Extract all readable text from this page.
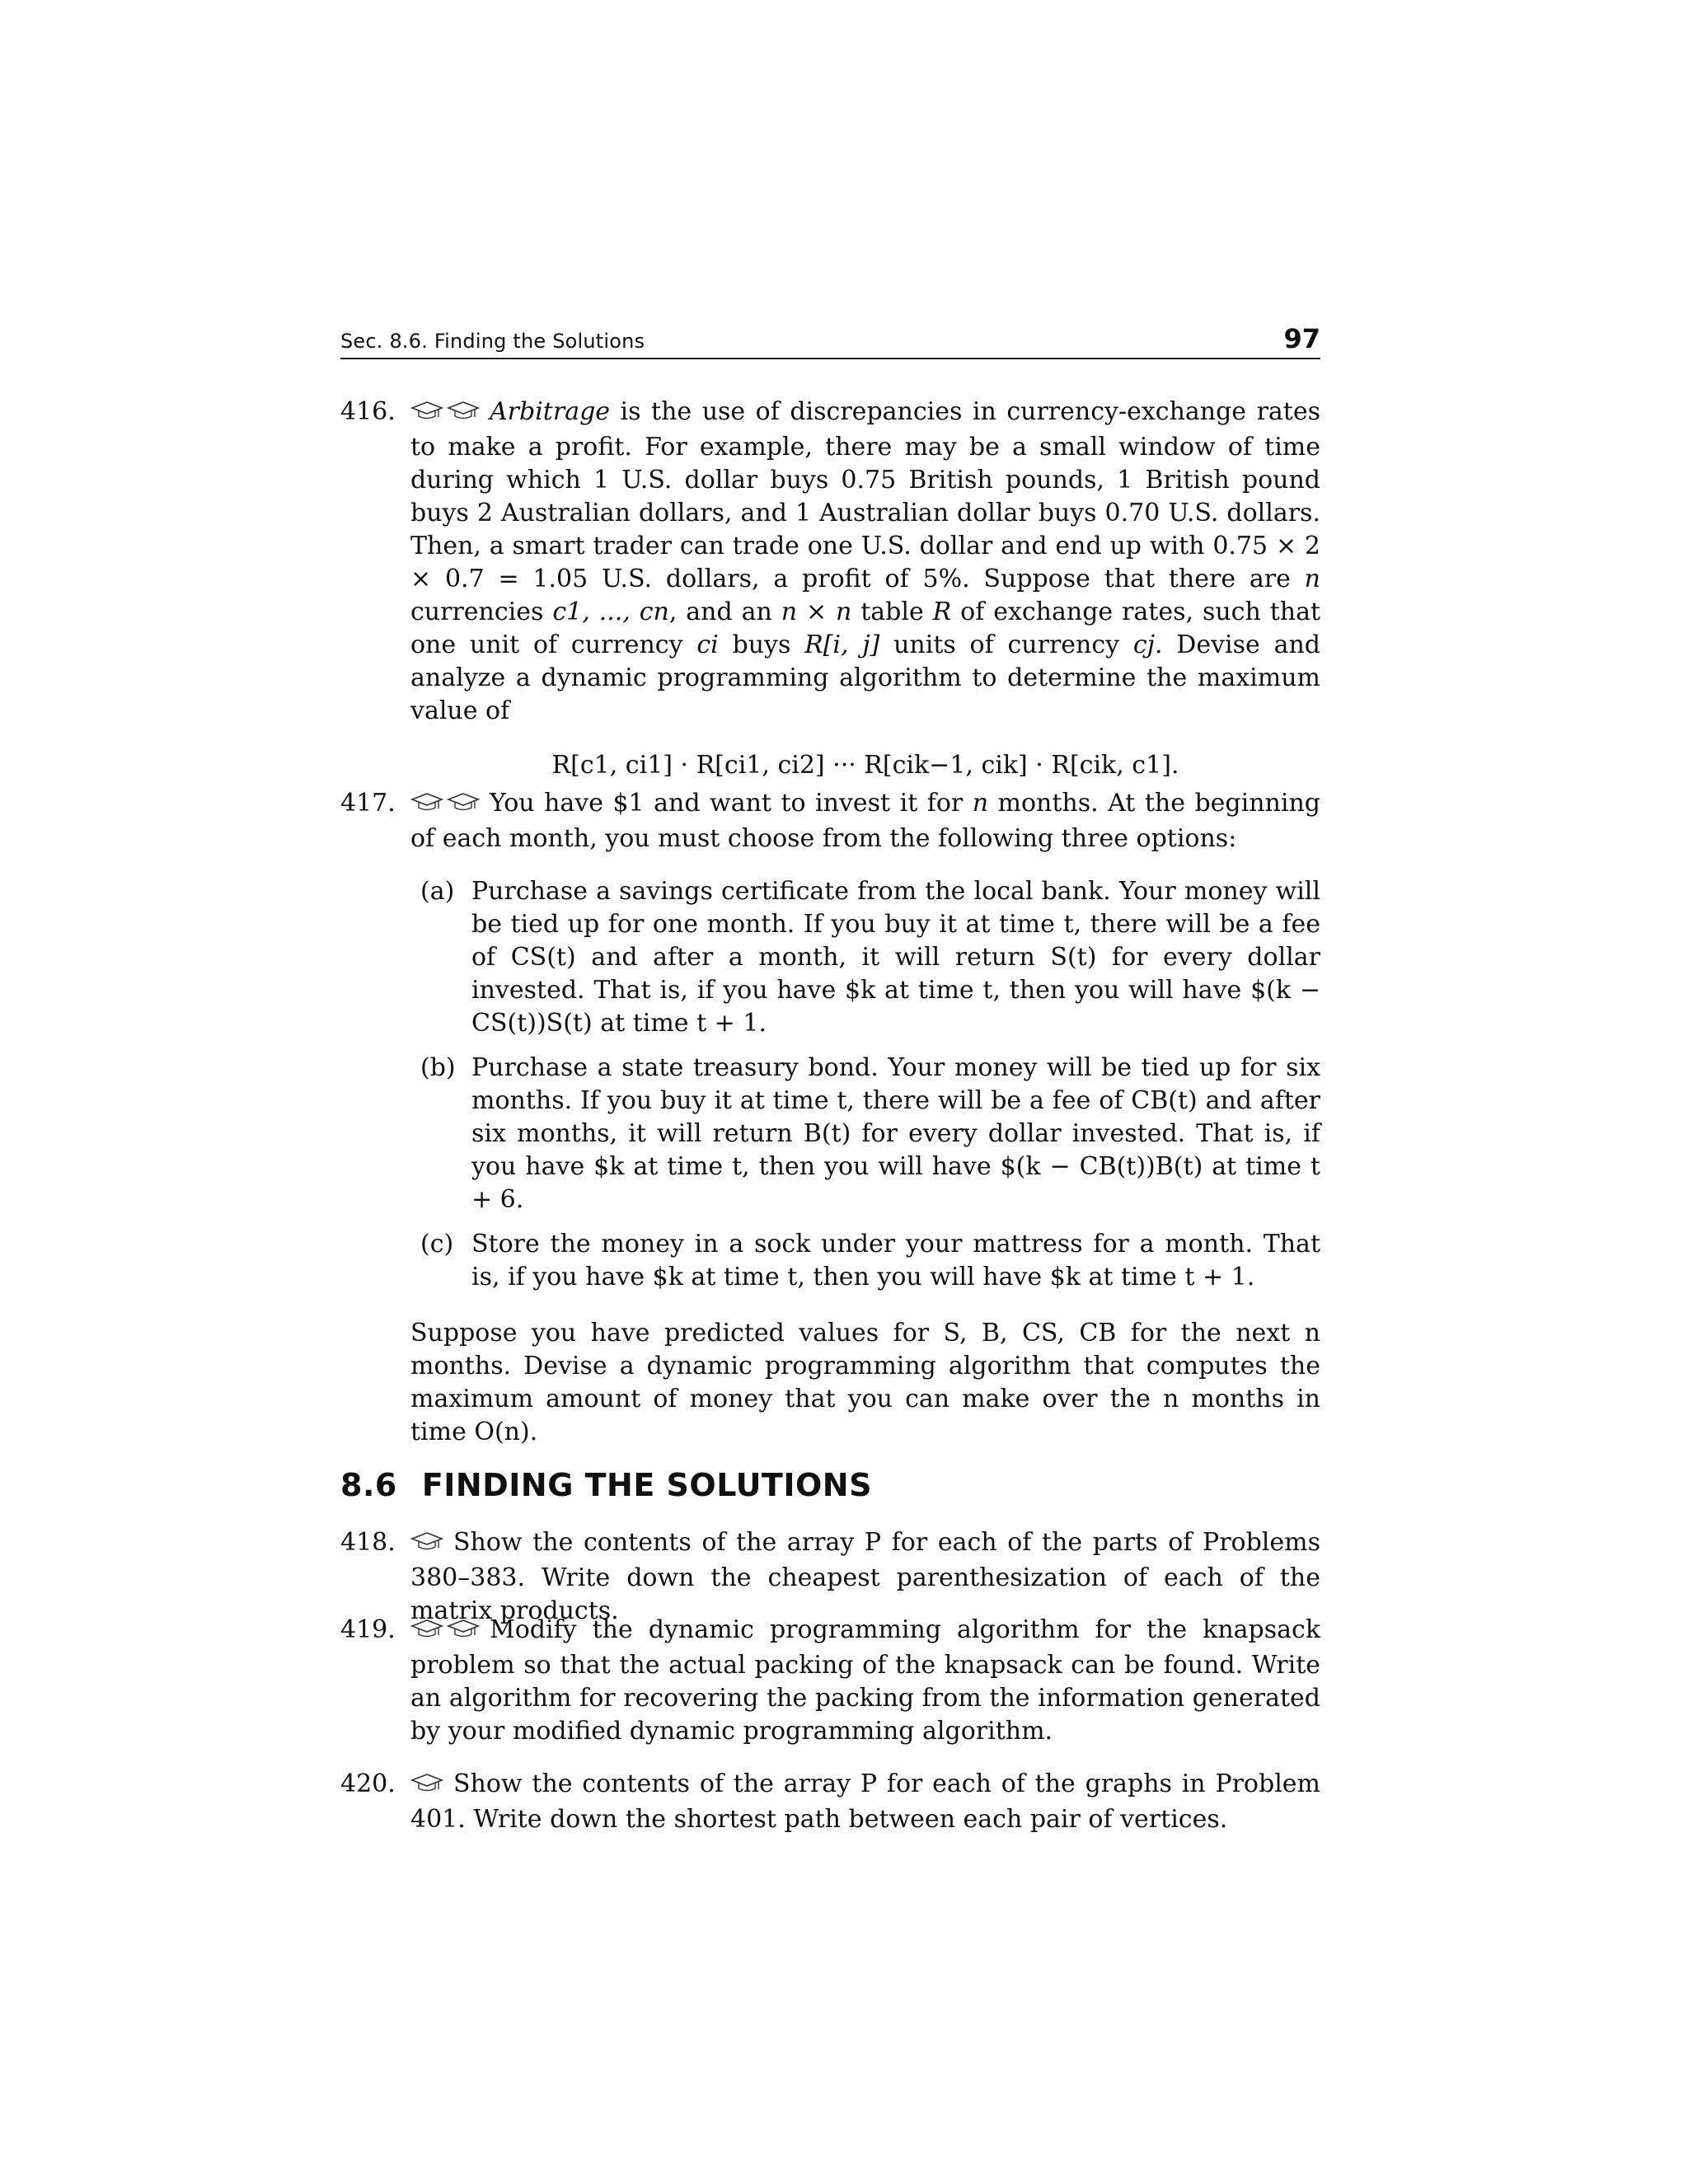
Sec. 8.6. Finding the Solutions	97
416.	Arbitrage is the use of discrepancies in currency-exchange rates to make a profit. For example, there may be a small window of time during which 1 U.S. dollar buys 0.75 British pounds, 1 British pound buys 2 Australian dollars, and 1 Australian dollar buys 0.70 U.S. dollars. Then, a smart trader can trade one U.S. dollar and end up with 0.75 × 2 × 0.7 = 1.05 U.S. dollars, a profit of 5%. Suppose that there are n currencies c1, ..., cn, and an n × n table R of exchange rates, such that one unit of currency ci buys R[i, j] units of currency cj. Devise and analyze a dynamic programming algorithm to determine the maximum value of
R[c1, ci1] · R[ci1, ci2] ··· R[cik−1, cik] · R[cik, c1].
417.	You have $1 and want to invest it for n months. At the beginning of each month, you must choose from the following three options:
(a) Purchase a savings certificate from the local bank. Your money will be tied up for one month. If you buy it at time t, there will be a fee of CS(t) and after a month, it will return S(t) for every dollar invested. That is, if you have $k at time t, then you will have $(k − CS(t))S(t) at time t + 1.
(b) Purchase a state treasury bond. Your money will be tied up for six months. If you buy it at time t, there will be a fee of CB(t) and after six months, it will return B(t) for every dollar invested. That is, if you have $k at time t, then you will have $(k − CB(t))B(t) at time t + 6.
(c) Store the money in a sock under your mattress for a month. That is, if you have $k at time t, then you will have $k at time t + 1.
Suppose you have predicted values for S, B, CS, CB for the next n months. Devise a dynamic programming algorithm that computes the maximum amount of money that you can make over the n months in time O(n).
8.6 FINDING THE SOLUTIONS
418.	Show the contents of the array P for each of the parts of Problems 380–383. Write down the cheapest parenthesization of each of the matrix products.
419.	Modify the dynamic programming algorithm for the knapsack problem so that the actual packing of the knapsack can be found. Write an algorithm for recovering the packing from the information generated by your modified dynamic programming algorithm.
420.	Show the contents of the array P for each of the graphs in Problem 401. Write down the shortest path between each pair of vertices.
